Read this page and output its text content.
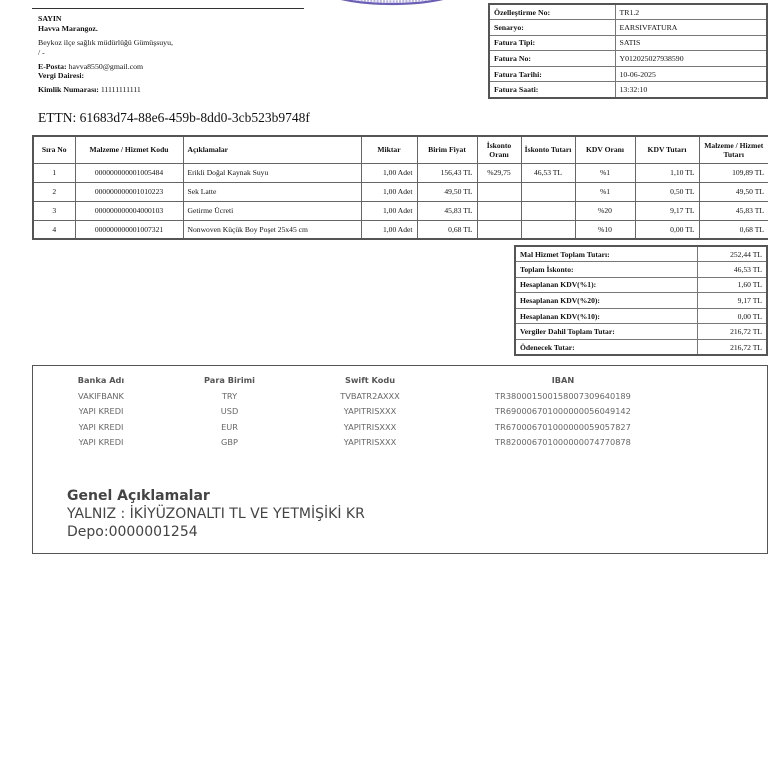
SAYIN
Havva Marangoz.
Beykoz ilçe sağlık müdürlüğü Gümüşsuyu,
/ -
E-Posta: havva8550@gmail.com
Vergi Dairesi:
Kimlik Numarası: 11111111111
ETTN: 61683d74-88e6-459b-8dd0-3cb523b9748f
Özelleştirme No:	TR1.2
Senaryo:	EARSIVFATURA
Fatura Tipi:	SATIS
Fatura No:	Y012025027938590
Fatura Tarihi:	10-06-2025
Fatura Saati:	13:32:10
Sıra No	Malzeme / Hizmet Kodu	Açıklamalar	Miktar	Birim Fiyat	İskonto Oranı	İskonto Tutarı	KDV Oranı	KDV Tutarı	Malzeme / Hizmet Tutarı
1	000000000001005484	Erikli Doğal Kaynak Suyu	1,00 Adet	156,43 TL	%29,75	46,53 TL	%1	1,10 TL	109,89 TL
2	000000000001010223	Sek Latte	1,00 Adet	49,50 TL			%1	0,50 TL	49,50 TL
3	000000000004000103	Getirme Ücreti	1,00 Adet	45,83 TL			%20	9,17 TL	45,83 TL
4	000000000001007321	Nonwoven Küçük Boy Poşet 25x45 cm	1,00 Adet	0,68 TL			%10	0,00 TL	0,68 TL
Mal Hizmet Toplam Tutarı:	252,44 TL
Toplam İskonto:	46,53 TL
Hesaplanan KDV(%1):	1,60 TL
Hesaplanan KDV(%20):	9,17 TL
Hesaplanan KDV(%10):	0,00 TL
Vergiler Dahil Toplam Tutar:	216,72 TL
Ödenecek Tutar:	216,72 TL
Banka Adı	Para Birimi	Swift Kodu	IBAN
VAKIFBANK	TRY	TVBATR2AXXX	TR380001500158007309640189
YAPI KREDI	USD	YAPITRISXXX	TR690006701000000056049142
YAPI KREDI	EUR	YAPITRISXXX	TR670006701000000059057827
YAPI KREDI	GBP	YAPITRISXXX	TR820006701000000074770878
Genel Açıklamalar
YALNIZ : İKİYÜZONALTI TL VE YETMİŞİKİ KR
Depo:0000001254
